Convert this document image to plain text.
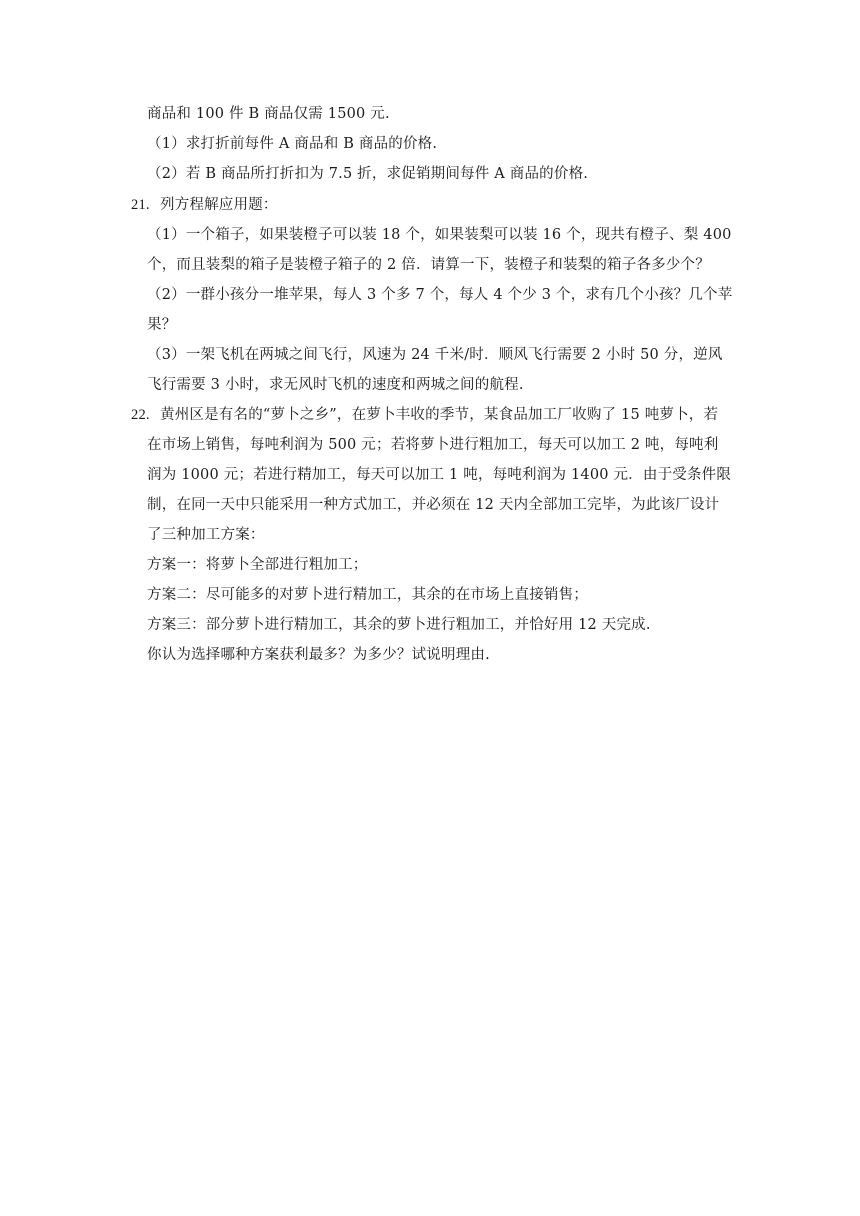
商品和 100 件 B 商品仅需 1500 元.
（1）求打折前每件 A 商品和 B 商品的价格.
（2）若 B 商品所打折扣为 7.5 折，求促销期间每件 A 商品的价格.
21. 列方程解应用题：
（1）一个箱子，如果装橙子可以装 18 个，如果装梨可以装 16 个，现共有橙子、梨 400
个，而且装梨的箱子是装橙子箱子的 2 倍．请算一下，装橙子和装梨的箱子各多少个？
（2）一群小孩分一堆苹果，每人 3 个多 7 个，每人 4 个少 3 个，求有几个小孩？几个苹
果？
（3）一架飞机在两城之间飞行，风速为 24 千米/时．顺风飞行需要 2 小时 50 分，逆风
飞行需要 3 小时，求无风时飞机的速度和两城之间的航程.
22. 黄州区是有名的“萝卜之乡”，在萝卜丰收的季节，某食品加工厂收购了 15 吨萝卜，若
在市场上销售，每吨利润为 500 元；若将萝卜进行粗加工，每天可以加工 2 吨，每吨利
润为 1000 元；若进行精加工，每天可以加工 1 吨，每吨利润为 1400 元．由于受条件限
制，在同一天中只能采用一种方式加工，并必须在 12 天内全部加工完毕，为此该厂设计
了三种加工方案：
方案一：将萝卜全部进行粗加工；
方案二：尽可能多的对萝卜进行精加工，其余的在市场上直接销售；
方案三：部分萝卜进行精加工，其余的萝卜进行粗加工，并恰好用 12 天完成.
你认为选择哪种方案获利最多？为多少？试说明理由.
